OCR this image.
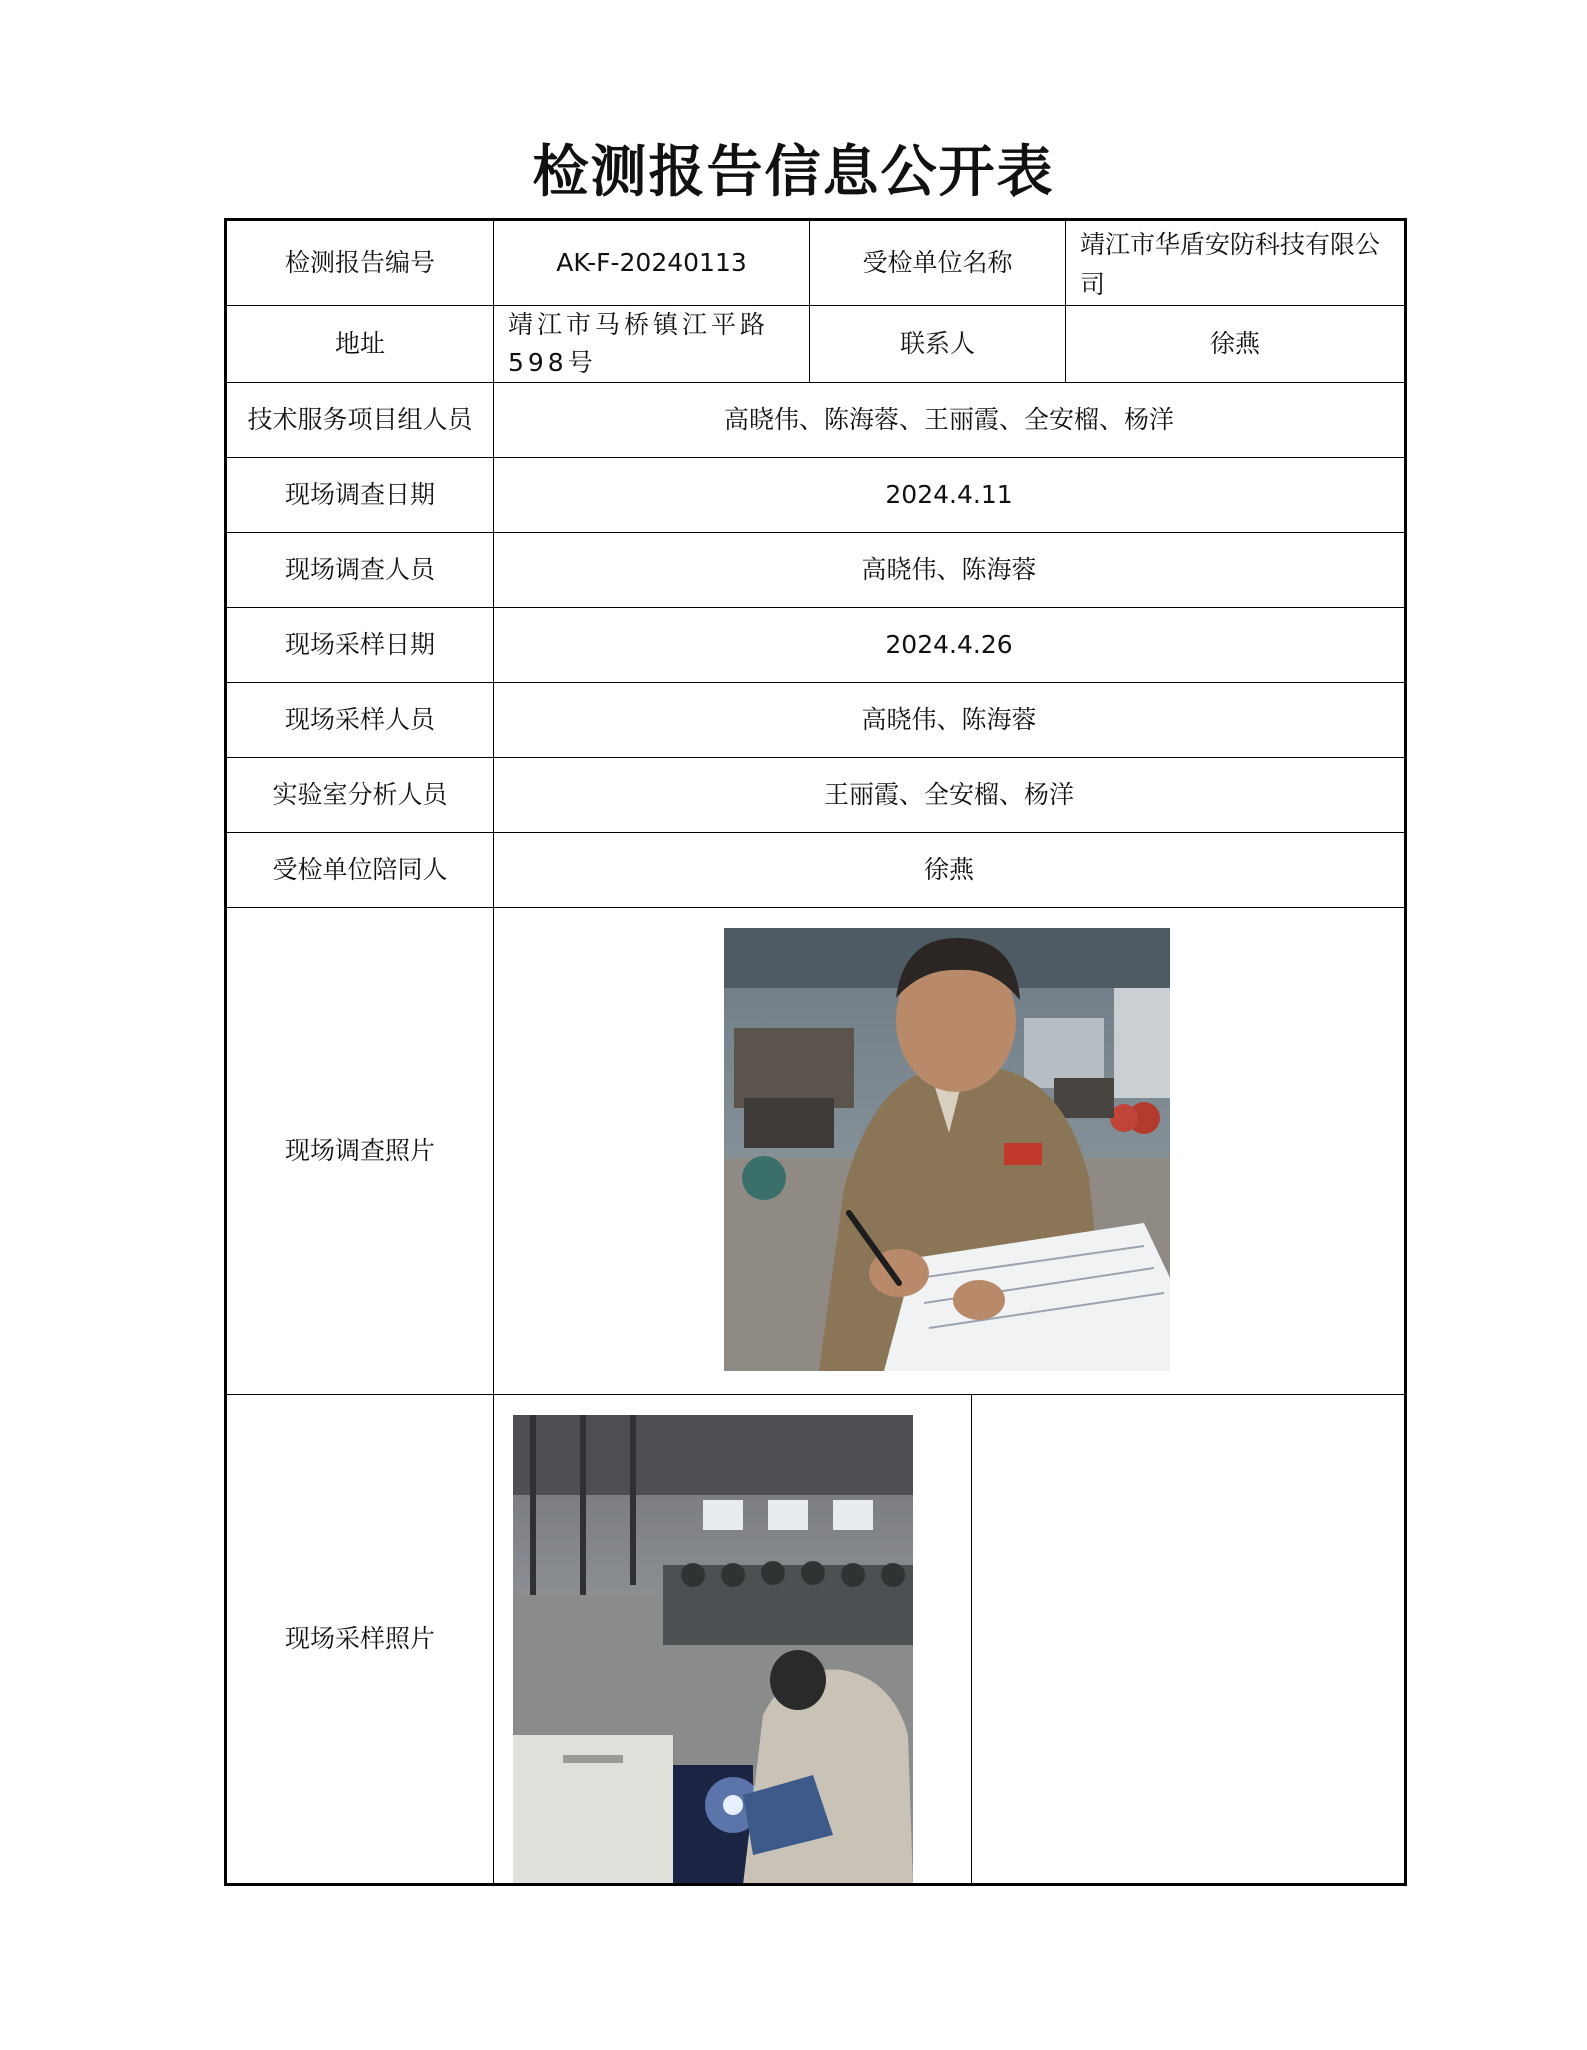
检测报告信息公开表
检测报告编号	AK-F-20240113	受检单位名称		靖江市华盾安防科技有限公司
地址	靖江市马桥镇江平路598号	联系人		徐燕
技术服务项目组人员	高晓伟、陈海蓉、王丽霞、全安榴、杨洋			
现场调查日期	2024.4.11			
现场调查人员	高晓伟、陈海蓉			
现场采样日期	2024.4.26			
现场采样人员	高晓伟、陈海蓉			
实验室分析人员	王丽霞、全安榴、杨洋			
受检单位陪同人	徐燕			
现场调查照片	

现场采样照片	
